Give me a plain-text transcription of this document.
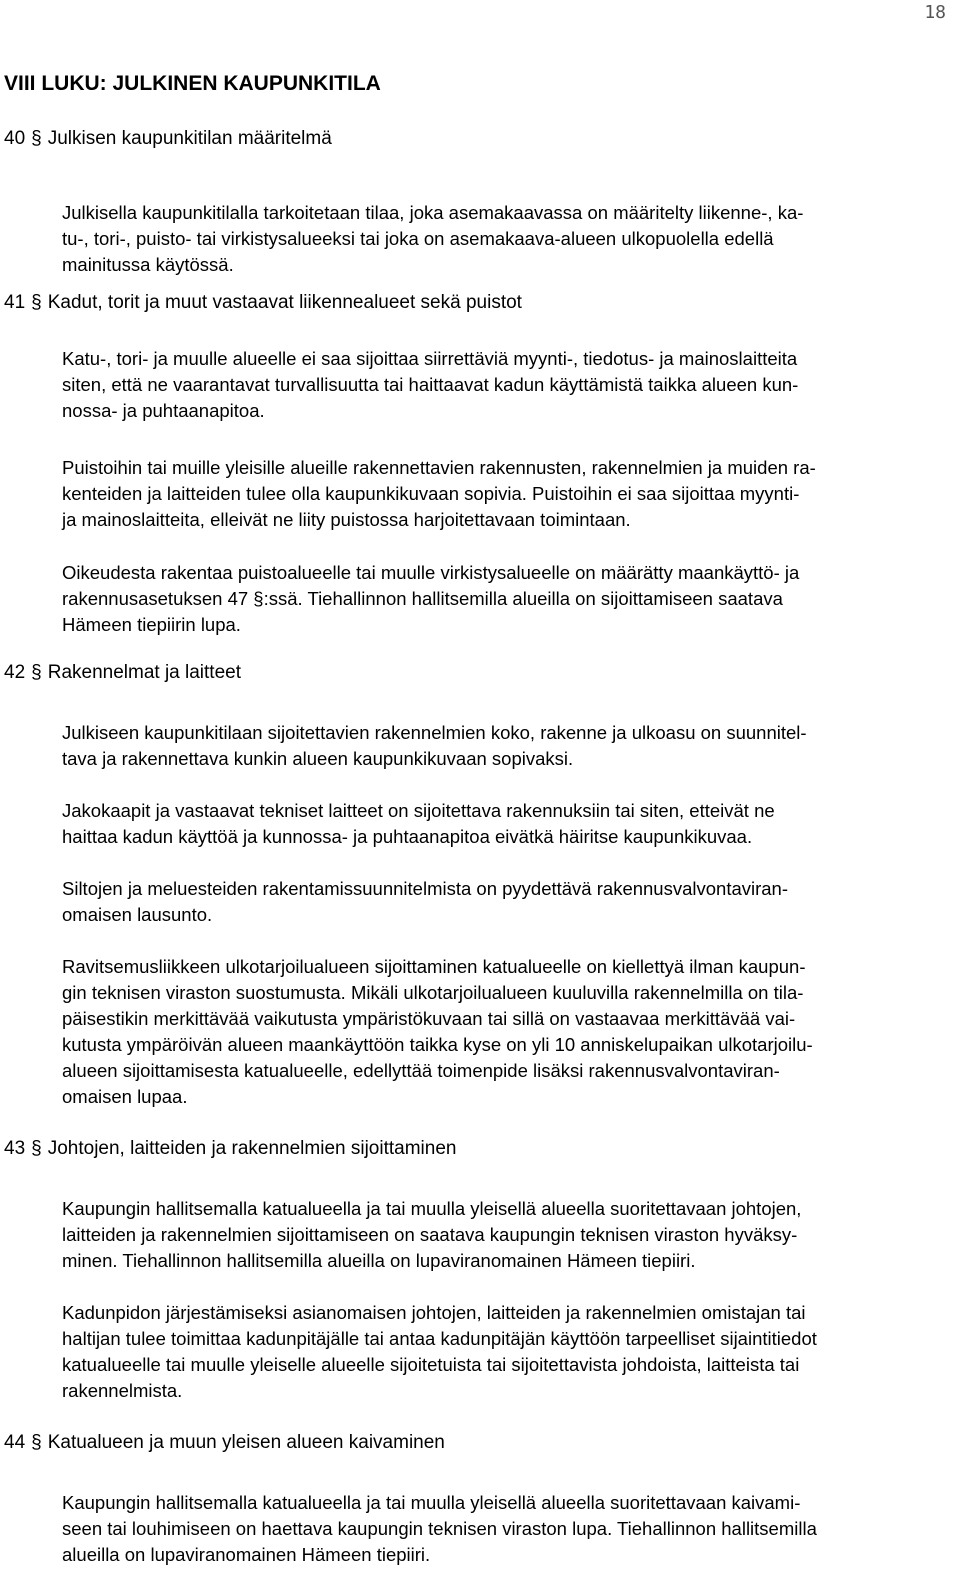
18
VIII LUKU: JULKINEN KAUPUNKITILA
40 § Julkisen kaupunkitilan määritelmä

Julkisella kaupunkitilalla tarkoitetaan tilaa, joka asemakaavassa on määritelty liikenne-, ka-
tu-, tori-, puisto- tai virkistysalueeksi tai joka on asemakaava-alueen ulkopuolella edellä
mainitussa käytössä.

41 § Kadut, torit ja muut vastaavat liikennealueet sekä puistot

Katu-, tori- ja muulle alueelle ei saa sijoittaa siirrettäviä myynti-, tiedotus- ja mainoslaitteita
siten, että ne vaarantavat turvallisuutta tai haittaavat kadun käyttämistä taikka alueen kun-
nossa- ja puhtaanapitoa.

Puistoihin tai muille yleisille alueille rakennettavien rakennusten, rakennelmien ja muiden ra-
kenteiden ja laitteiden tulee olla kaupunkikuvaan sopivia. Puistoihin ei saa sijoittaa myynti-
ja mainoslaitteita, elleivät ne liity puistossa harjoitettavaan toimintaan.

Oikeudesta rakentaa puistoalueelle tai muulle virkistysalueelle on määrätty maankäyttö- ja
rakennusasetuksen 47 §:ssä. Tiehallinnon hallitsemilla alueilla on sijoittamiseen saatava
Hämeen tiepiirin lupa.

42 § Rakennelmat ja laitteet

Julkiseen kaupunkitilaan sijoitettavien rakennelmien koko, rakenne ja ulkoasu on suunnitel-
tava ja rakennettava kunkin alueen kaupunkikuvaan sopivaksi.

Jakokaapit ja vastaavat tekniset laitteet on sijoitettava rakennuksiin tai siten, etteivät ne
haittaa kadun käyttöä ja kunnossa- ja puhtaanapitoa eivätkä häiritse kaupunkikuvaa.

Siltojen ja meluesteiden rakentamissuunnitelmista on pyydettävä rakennusvalvontaviran-
omaisen lausunto.

Ravitsemusliikkeen ulkotarjoilualueen sijoittaminen katualueelle on kiellettyä ilman kaupun-
gin teknisen viraston suostumusta. Mikäli ulkotarjoilualueen kuuluvilla rakennelmilla on tila-
päisestikin merkittävää vaikutusta ympäristökuvaan tai sillä on vastaavaa merkittävää vai-
kutusta ympäröivän alueen maankäyttöön taikka kyse on yli 10 anniskelupaikan ulkotarjoilu-
alueen sijoittamisesta katualueelle, edellyttää toimenpide lisäksi rakennusvalvontaviran-
omaisen lupaa.

43 § Johtojen, laitteiden ja rakennelmien sijoittaminen

Kaupungin hallitsemalla katualueella ja tai muulla yleisellä alueella suoritettavaan johtojen,
laitteiden ja rakennelmien sijoittamiseen on saatava kaupungin teknisen viraston hyväksy-
minen. Tiehallinnon hallitsemilla alueilla on lupaviranomainen Hämeen tiepiiri.

Kadunpidon järjestämiseksi asianomaisen johtojen, laitteiden ja rakennelmien omistajan tai
haltijan tulee toimittaa kadunpitäjälle tai antaa kadunpitäjän käyttöön tarpeelliset sijaintitiedot
katualueelle tai muulle yleiselle alueelle sijoitetuista tai sijoitettavista johdoista, laitteista tai
rakennelmista.

44 § Katualueen ja muun yleisen alueen kaivaminen

Kaupungin hallitsemalla katualueella ja tai muulla yleisellä alueella suoritettavaan kaivami-
seen tai louhimiseen on haettava kaupungin teknisen viraston lupa. Tiehallinnon hallitsemilla
alueilla on lupaviranomainen Hämeen tiepiiri.
